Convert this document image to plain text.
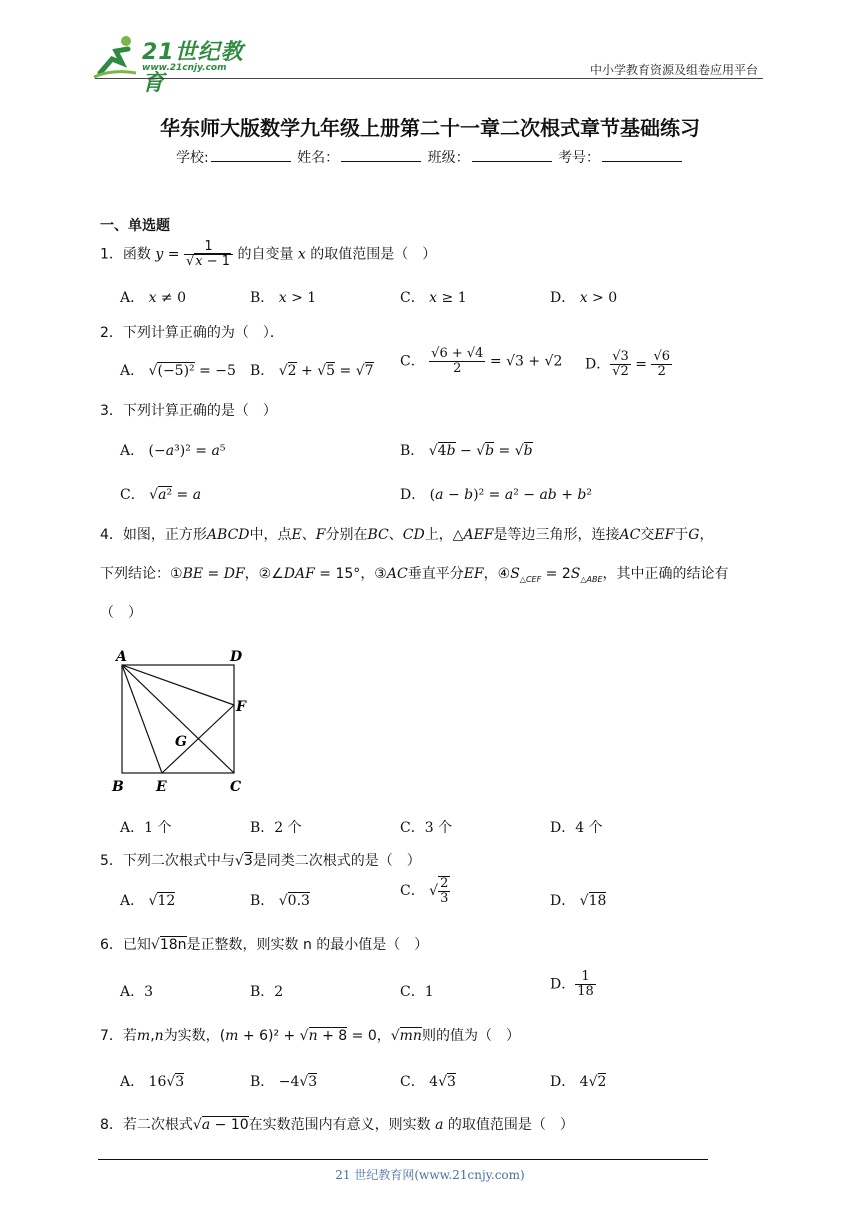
21世纪教育
www.21cnjy.com	中小学教育资源及组卷应用平台
华东师大版数学九年级上册第二十一章二次根式章节基础练习
学校:	姓名：	班级：	考号：
一、单选题
1．函数 $y = \frac{1}{√x - 1}$ 的自变量 x 的取值范围是（　）
A． x ≠ 0	B． x > 1	C． x ≥ 1	D． x > 0
2．下列计算正确的为（　）．
A． √(−5)² = −5 B． √2 + √5 = √7
C． $\frac{√6 + √4}{2} = √3 + √2$ D． $\frac{√3}{√2} = \frac{√6}{2}$
3．下列计算正确的是（　）
A． (−a³)² = a⁵	B． √4b − √b = √b
C． √a² = a	D． (a − b)² = a² − ab + b²
4．如图，正方形ABCD中，点E、F分别在BC、CD上，△AEF是等边三角形，连接AC交EF于G，
下列结论：①BE = DF，②∠DAF = 15°，③AC垂直平分EF，$④S_{\triangle CEF} = 2S_{\triangle ABE}$，其中正确的结论有
（　）
A	D
F
G
B E	C
A．1 个	B．2 个	C．3 个	D．4 个
5．下列二次根式中与√3是同类二次根式的是（　）
A． √12	B． √0.3
C． √ $\frac{2}{3}$	D． √18
6．已知√18n是正整数，则实数 n 的最小值是（　）
A．3	B．2	C．1	D． $\frac{1}{18}$
7．若m,n为实数，(m + 6)² + √n + 8 = 0，√mn则的值为（　）
A． 16√3	B． −4√3	C． 4√3	D． 4√2
8．若二次根式√a − 10在实数范围内有意义，则实数 a 的取值范围是（　）
21 世纪教育网(www.21cnjy.com)
